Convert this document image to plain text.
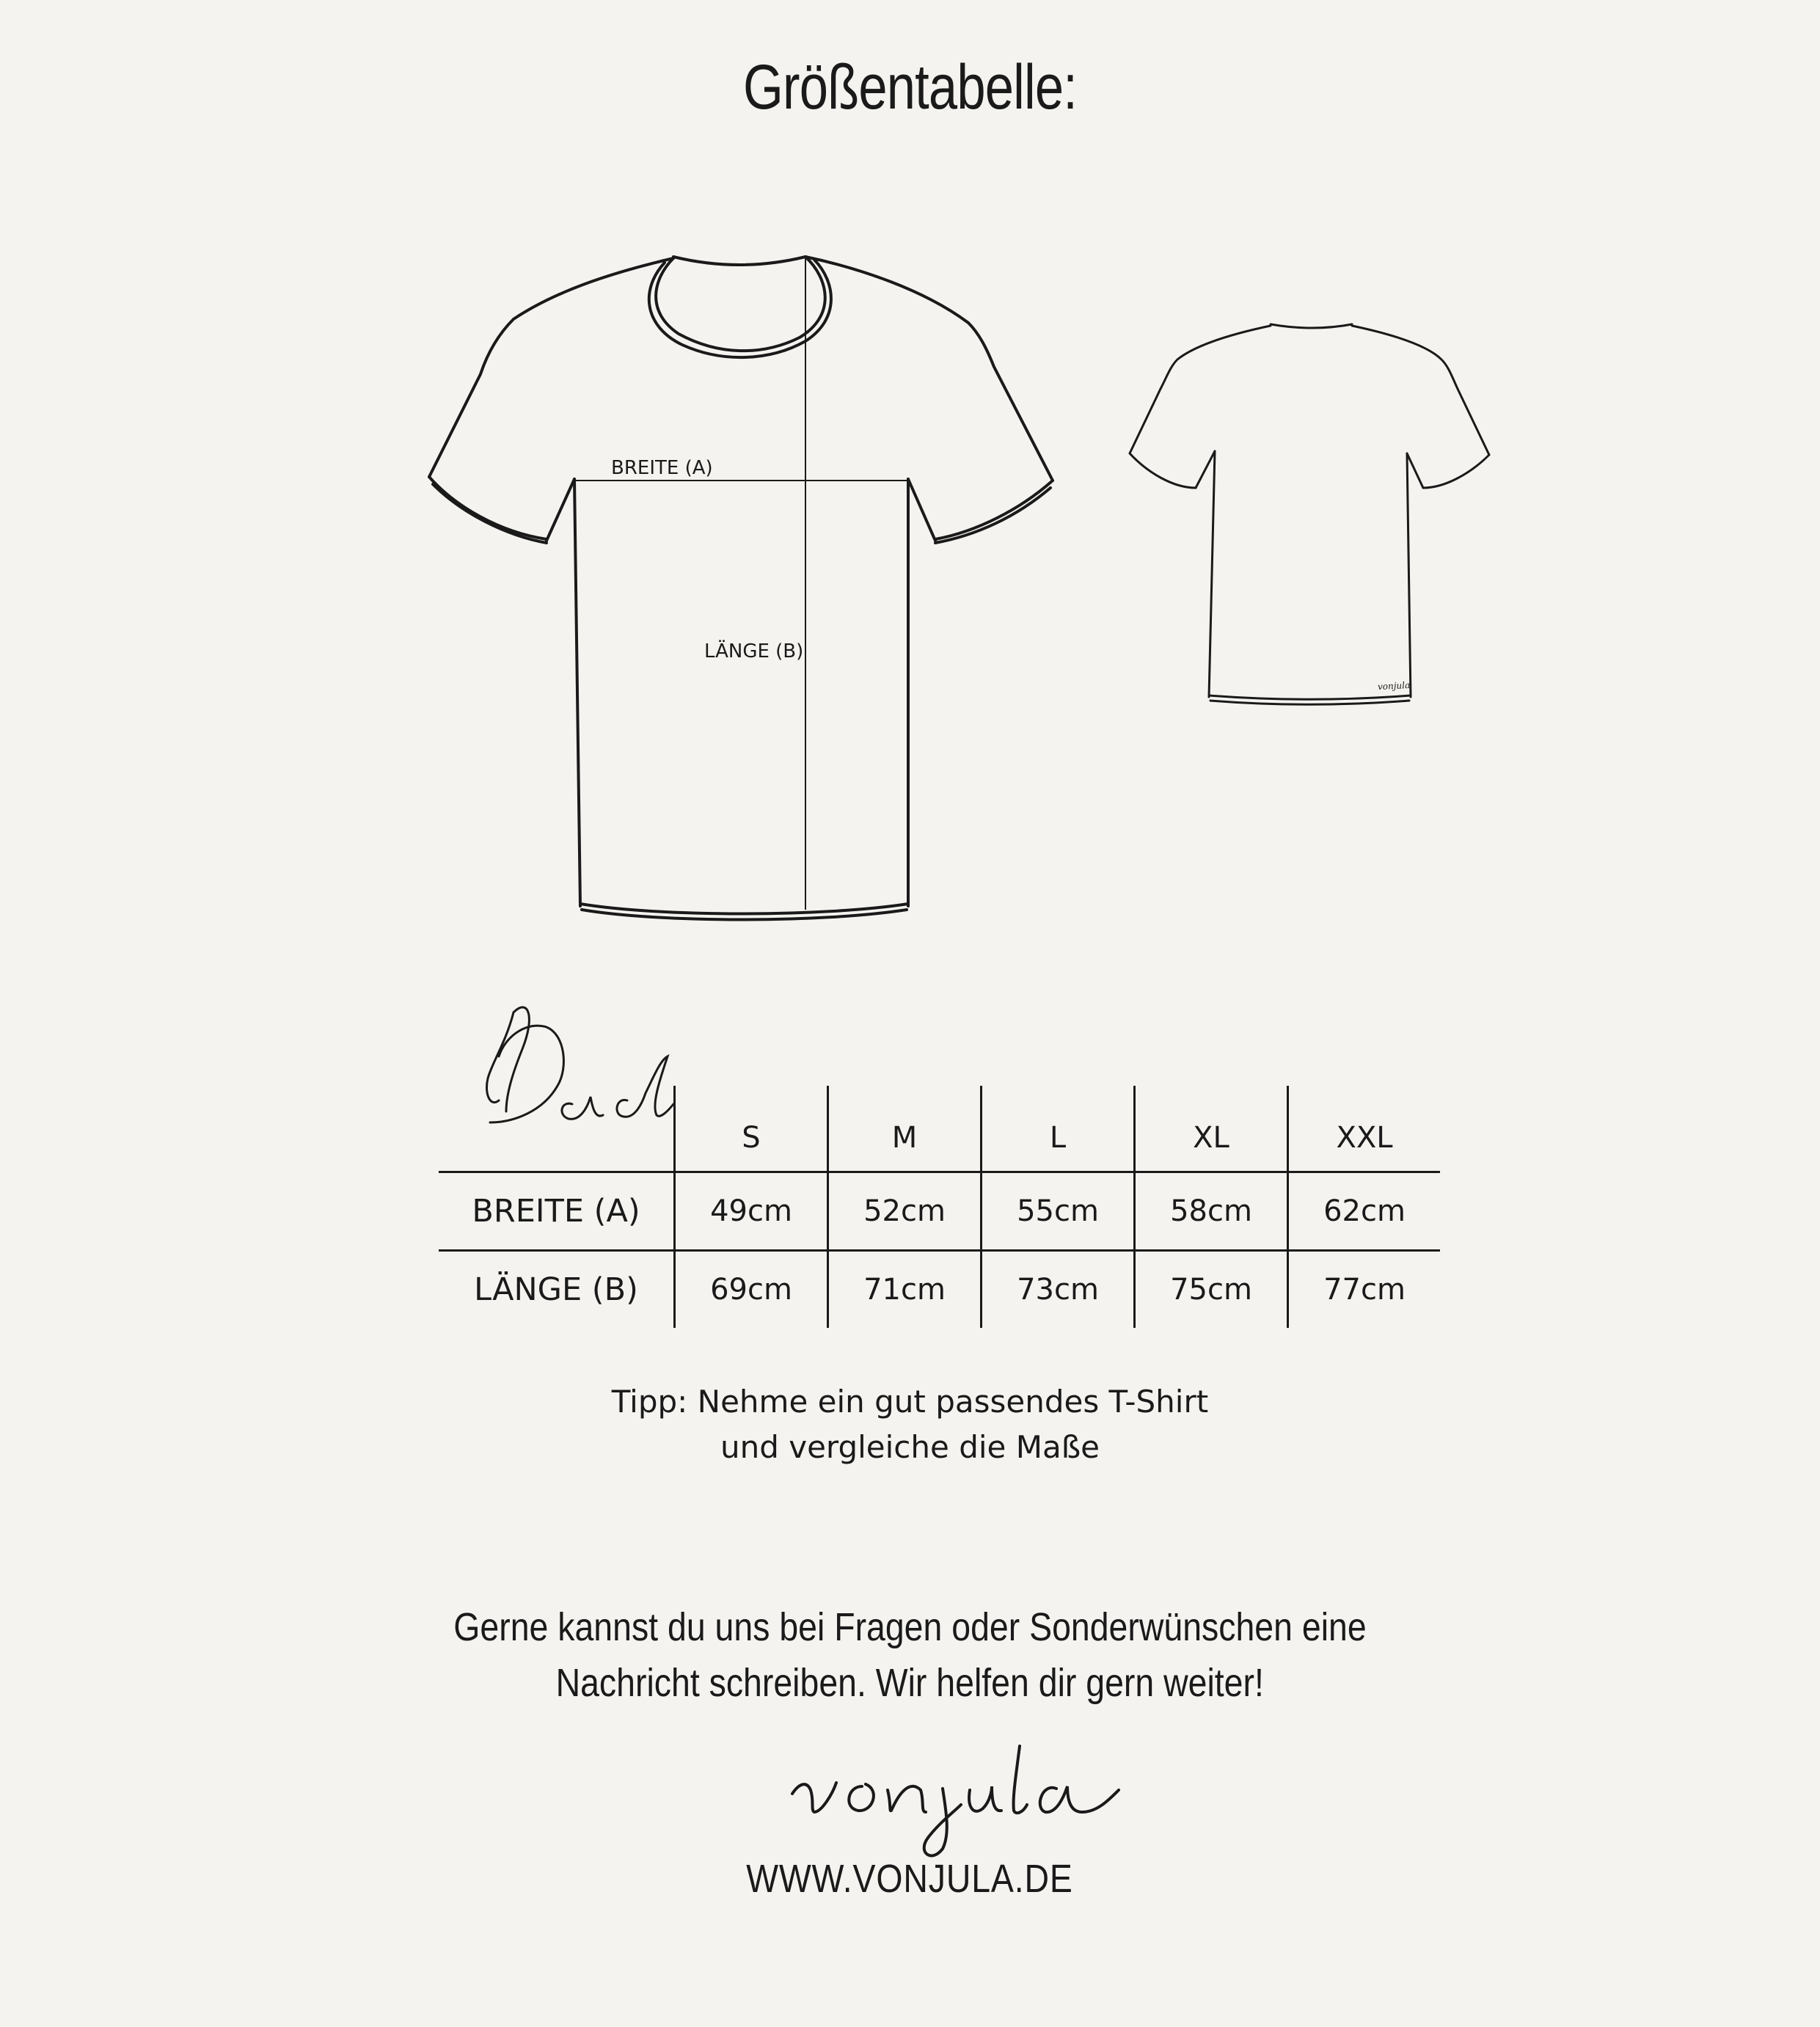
Größentabelle:
BREITE (A)
LÄNGE (B)
vonjula
	S	M	L	XL	XXL
BREITE (A)	49cm	52cm	55cm	58cm	62cm
LÄNGE (B)	69cm	71cm	73cm	75cm	77cm
Tipp: Nehme ein gut passendes T-Shirt
und vergleiche die Maße
Gerne kannst du uns bei Fragen oder Sonderwünschen eine
Nachricht schreiben. Wir helfen dir gern weiter!
WWW.VONJULA.DE
